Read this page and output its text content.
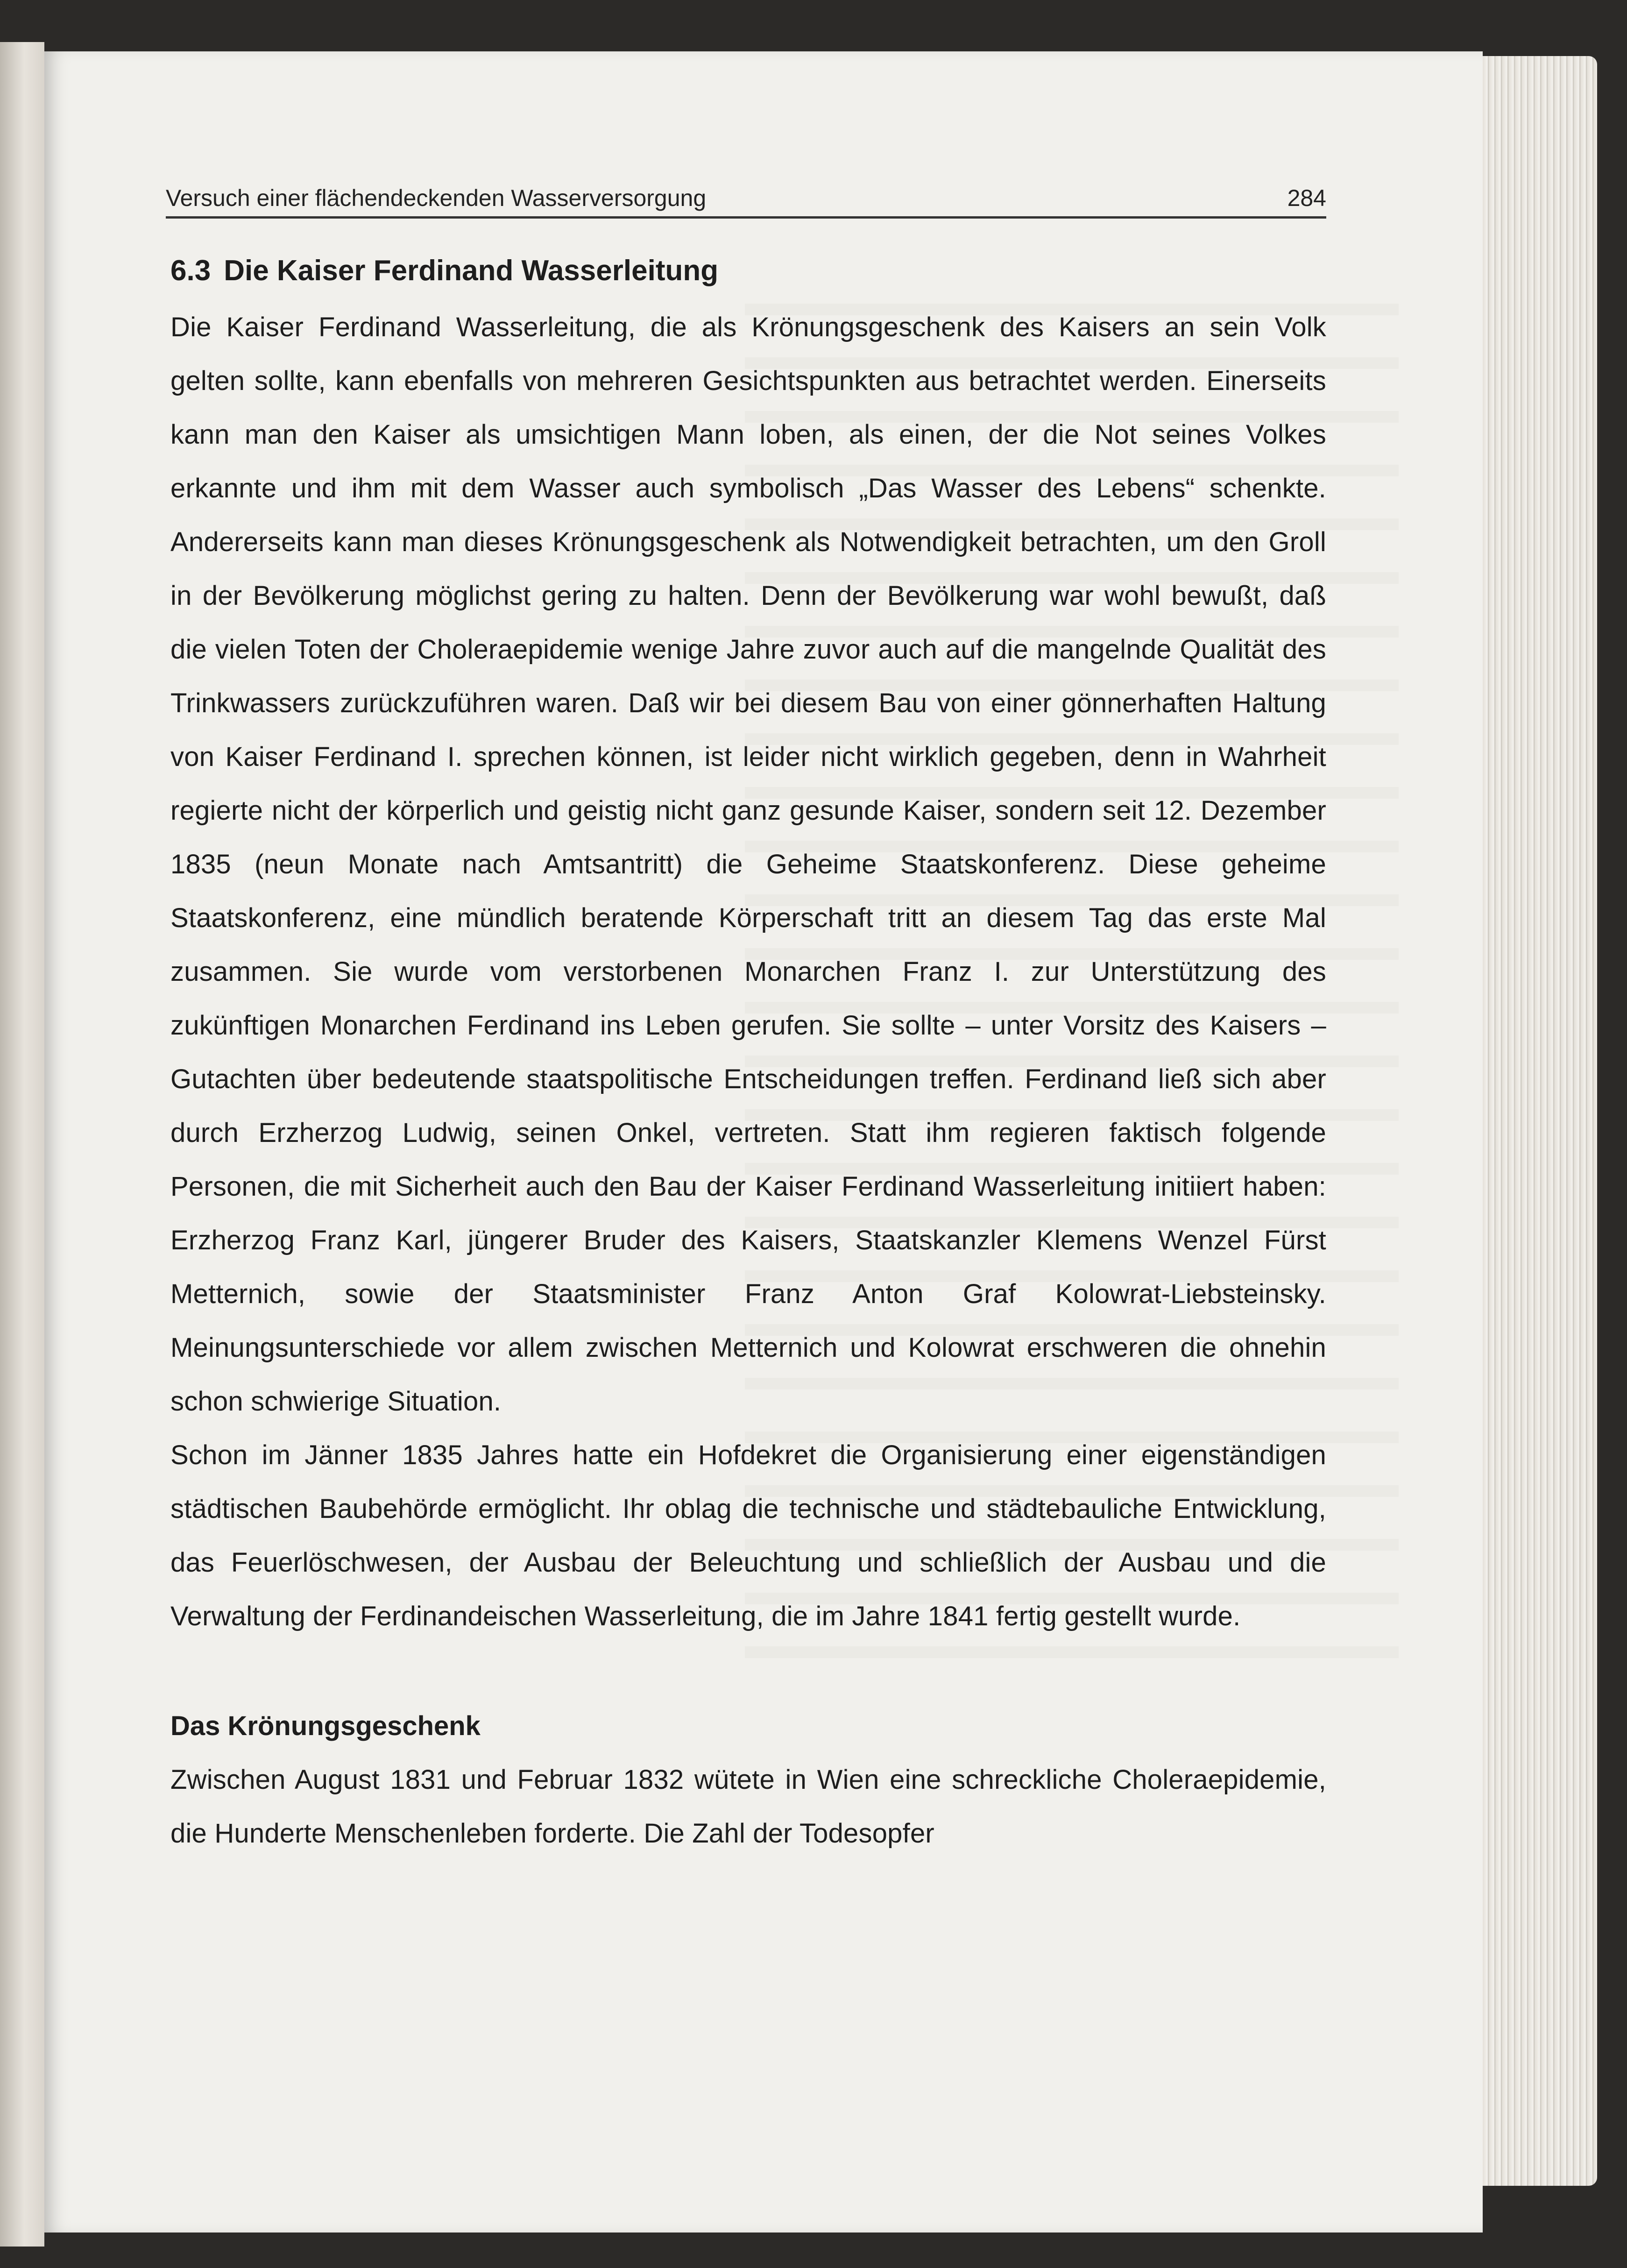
Versuch einer flächendeckenden Wasserversorgung	284
6.3 Die Kaiser Ferdinand Wasserleitung

Die Kaiser Ferdinand Wasserleitung, die als Krönungsgeschenk des Kaisers an sein Volk gelten sollte, kann ebenfalls von mehreren Gesichtspunkten aus betrachtet werden. Einerseits kann man den Kaiser als umsichtigen Mann loben, als einen, der die Not seines Volkes erkannte und ihm mit dem Wasser auch symbolisch „Das Wasser des Lebens“ schenkte. Andererseits kann man dieses Krönungsgeschenk als Notwendigkeit betrachten, um den Groll in der Bevölkerung möglichst gering zu halten. Denn der Bevölkerung war wohl bewußt, daß die vielen Toten der Choleraepidemie wenige Jahre zuvor auch auf die mangelnde Qualität des Trinkwassers zurückzuführen waren. Daß wir bei diesem Bau von einer gönnerhaften Haltung von Kaiser Ferdinand I. sprechen können, ist leider nicht wirklich gegeben, denn in Wahrheit regierte nicht der körperlich und geistig nicht ganz gesunde Kaiser, sondern seit 12. Dezember 1835 (neun Monate nach Amtsantritt) die Geheime Staatskonferenz. Diese geheime Staatskonferenz, eine mündlich beratende Körperschaft tritt an diesem Tag das erste Mal zusammen. Sie wurde vom verstorbenen Monarchen Franz I. zur Unterstützung des zukünftigen Monarchen Ferdinand ins Leben gerufen. Sie sollte – unter Vorsitz des Kaisers – Gutachten über bedeutende staatspolitische Entscheidungen treffen. Ferdinand ließ sich aber durch Erzherzog Ludwig, seinen Onkel, vertreten. Statt ihm regieren faktisch folgende Personen, die mit Sicherheit auch den Bau der Kaiser Ferdinand Wasserleitung initiiert haben: Erzherzog Franz Karl, jüngerer Bruder des Kaisers, Staatskanzler Klemens Wenzel Fürst Metternich, sowie der Staatsminister Franz Anton Graf Kolowrat-Liebsteinsky. Meinungsunterschiede vor allem zwischen Metternich und Kolowrat erschweren die ohnehin schon schwierige Situation.

Schon im Jänner 1835 Jahres hatte ein Hofdekret die Organisierung einer eigenständigen städtischen Baubehörde ermöglicht. Ihr oblag die technische und städtebauliche Entwicklung, das Feuerlöschwesen, der Ausbau der Beleuchtung und schließlich der Ausbau und die Verwaltung der Ferdinandeischen Wasserleitung, die im Jahre 1841 fertig gestellt wurde.

Das Krönungsgeschenk

Zwischen August 1831 und Februar 1832 wütete in Wien eine schreckliche Choleraepidemie, die Hunderte Menschenleben forderte. Die Zahl der Todesopfer
